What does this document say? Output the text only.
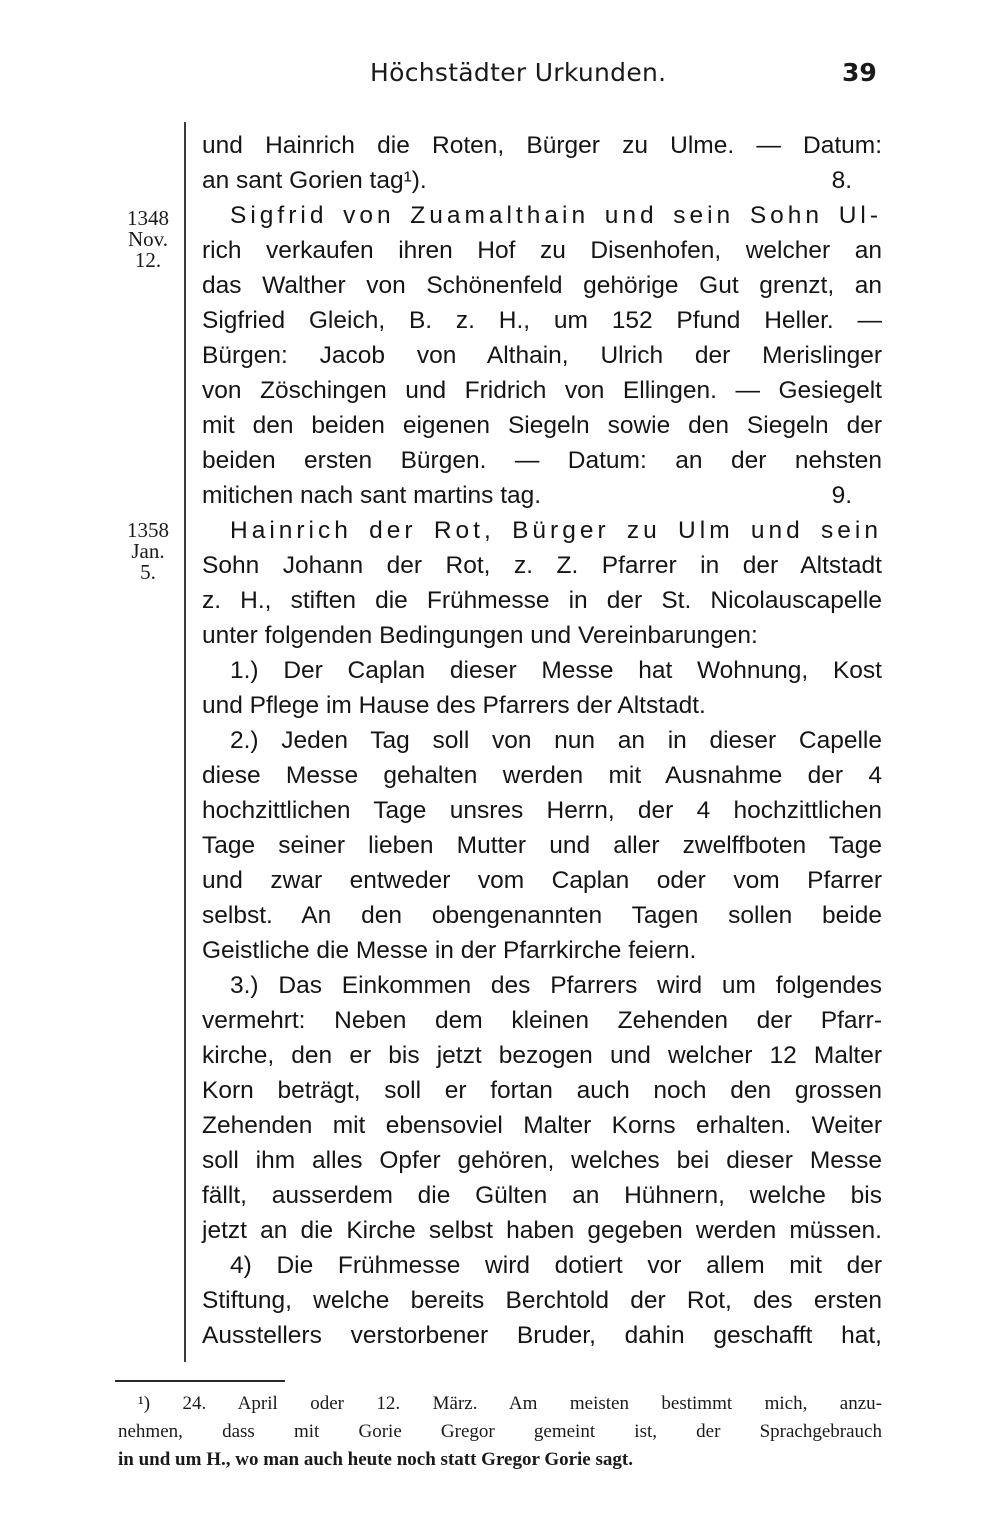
Höchstädter Urkunden.	39
1348
Nov.
12.
1358
Jan.
5.
und Hainrich die Roten, Bürger zu Ulme. — Datum:
an sant Gorien tag¹).	8.
Sigfrid von Zuamalthain und sein Sohn Ul-
rich verkaufen ihren Hof zu Disenhofen, welcher an
das Walther von Schönenfeld gehörige Gut grenzt, an
Sigfried Gleich, B. z. H., um 152 Pfund Heller. —
Bürgen: Jacob von Althain, Ulrich der Merislinger
von Zöschingen und Fridrich von Ellingen. — Gesiegelt
mit den beiden eigenen Siegeln sowie den Siegeln der
beiden ersten Bürgen. — Datum: an der nehsten
mitichen nach sant martins tag.	9.
Hainrich der Rot, Bürger zu Ulm und sein
Sohn Johann der Rot, z. Z. Pfarrer in der Altstadt
z. H., stiften die Frühmesse in der St. Nicolauscapelle
unter folgenden Bedingungen und Vereinbarungen:
1.) Der Caplan dieser Messe hat Wohnung, Kost
und Pflege im Hause des Pfarrers der Altstadt.
2.) Jeden Tag soll von nun an in dieser Capelle
diese Messe gehalten werden mit Ausnahme der 4
hochzittlichen Tage unsres Herrn, der 4 hochzittlichen
Tage seiner lieben Mutter und aller zwelffboten Tage
und zwar entweder vom Caplan oder vom Pfarrer
selbst. An den obengenannten Tagen sollen beide
Geistliche die Messe in der Pfarrkirche feiern.
3.) Das Einkommen des Pfarrers wird um folgendes
vermehrt: Neben dem kleinen Zehenden der Pfarr-
kirche, den er bis jetzt bezogen und welcher 12 Malter
Korn beträgt, soll er fortan auch noch den grossen
Zehenden mit ebensoviel Malter Korns erhalten. Weiter
soll ihm alles Opfer gehören, welches bei dieser Messe
fällt, ausserdem die Gülten an Hühnern, welche bis
jetzt an die Kirche selbst haben gegeben werden müssen.
4) Die Frühmesse wird dotiert vor allem mit der
Stiftung, welche bereits Berchtold der Rot, des ersten
Ausstellers verstorbener Bruder, dahin geschafft hat,
¹) 24. April oder 12. März. Am meisten bestimmt mich, anzu-
nehmen, dass mit Gorie Gregor gemeint ist, der Sprachgebrauch
in und um H., wo man auch heute noch statt Gregor Gorie sagt.
